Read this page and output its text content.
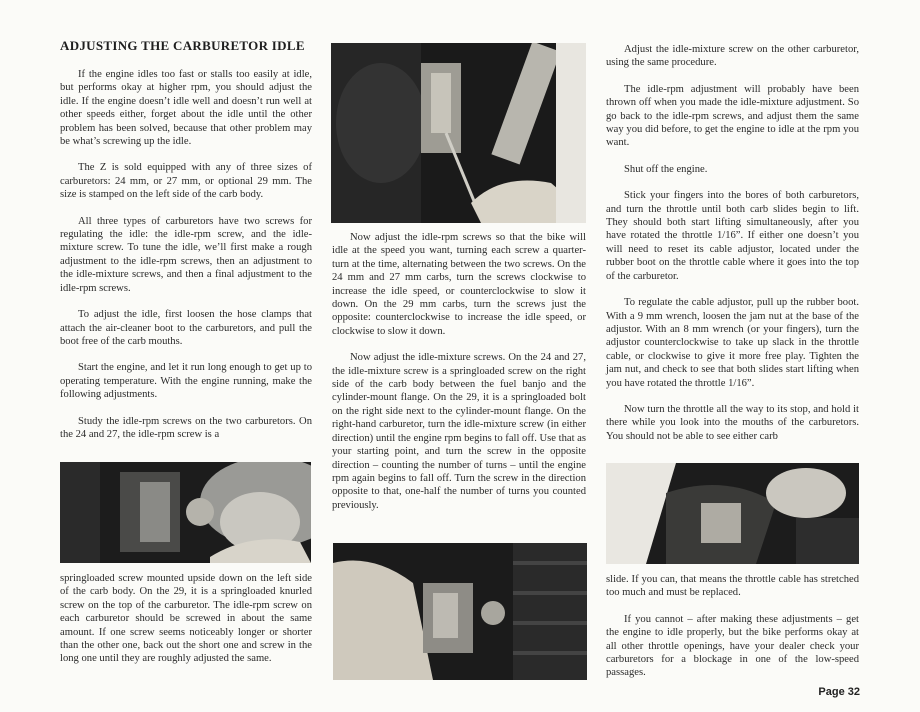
ADJUSTING THE CARBURETOR IDLE

If the engine idles too fast or stalls too easily at idle, but performs okay at higher rpm, you should adjust the idle. If the engine doesn’t idle well and doesn’t run well at other speeds either, forget about the idle until the other problem has been solved, because that other problem may be what’s screwing up the idle.

The Z is sold equipped with any of three sizes of carburetors: 24 mm, or 27 mm, or optional 29 mm. The size is stamped on the left side of the carb body.

All three types of carburetors have two screws for regulating the idle: the idle-rpm screw, and the idle-mixture screw. To tune the idle, we’ll first make a rough adjustment to the idle-rpm screws, then an adjustment to the idle-mixture screws, and then a final adjustment to the idle-rpm screws.

To adjust the idle, first loosen the hose clamps that attach the air-cleaner boot to the carburetors, and pull the boot free of the carb mouths.

Start the engine, and let it run long enough to get up to operating temperature. With the engine running, make the following adjustments.

Study the idle-rpm screws on the two carburetors. On the 24 and 27, the idle-rpm screw is a

springloaded screw mounted upside down on the left side of the carb body. On the 29, it is a springloaded knurled screw on the top of the carburetor. The idle-rpm screw on each carburetor should be screwed in about the same amount. If one screw seems noticeably longer or shorter than the other one, back out the short one and screw in the long one until they are roughly adjusted the same.

Now adjust the idle-rpm screws so that the bike will idle at the speed you want, turning each screw a quarter-turn at the time, alternating between the two screws. On the 24 mm and 27 mm carbs, turn the screws clockwise to increase the idle speed, or counterclockwise to slow it down. On the 29 mm carbs, turn the screws just the opposite: counterclockwise to increase the idle speed, or clockwise to slow it down.

Now adjust the idle-mixture screws. On the 24 and 27, the idle-mixture screw is a springloaded screw on the right side of the carb body between the fuel banjo and the cylinder-mount flange. On the 29, it is a springloaded bolt on the right side next to the cylinder-mount flange. On the right-hand carburetor, turn the idle-mixture screw (in either direction) until the engine rpm begins to fall off. Use that as your starting point, and turn the screw in the opposite direction – counting the number of turns – until the engine rpm again begins to fall off. Turn the screw in the direction opposite to that, one-half the number of turns you counted previously.

Adjust the idle-mixture screw on the other carburetor, using the same procedure.

The idle-rpm adjustment will probably have been thrown off when you made the idle-mixture adjustment. So go back to the idle-rpm screws, and adjust them the same way you did before, to get the engine to idle at the rpm you want.

Shut off the engine.

Stick your fingers into the bores of both carburetors, and turn the throttle until both carb slides begin to lift. They should both start lifting simultaneously, after you have rotated the throttle 1/16”. If either one doesn’t you will need to reset its cable adjustor, located under the rubber boot on the throttle cable where it goes into the top of the carburetor.

To regulate the cable adjustor, pull up the rubber boot. With a 9 mm wrench, loosen the jam nut at the base of the adjustor. With an 8 mm wrench (or your fingers), turn the adjustor counterclockwise to take up slack in the throttle cable, or clockwise to give it more free play. Tighten the jam nut, and check to see that both slides start lifting when you have rotated the throttle 1/16”.

Now turn the throttle all the way to its stop, and hold it there while you look into the mouths of the carburetors. You should not be able to see either carb

slide. If you can, that means the throttle cable has stretched too much and must be replaced.

If you cannot – after making these adjustments – get the engine to idle properly, but the bike performs okay at all other throttle openings, have your dealer check your carburetors for a blockage in one of the low-speed passages.

Page 32
